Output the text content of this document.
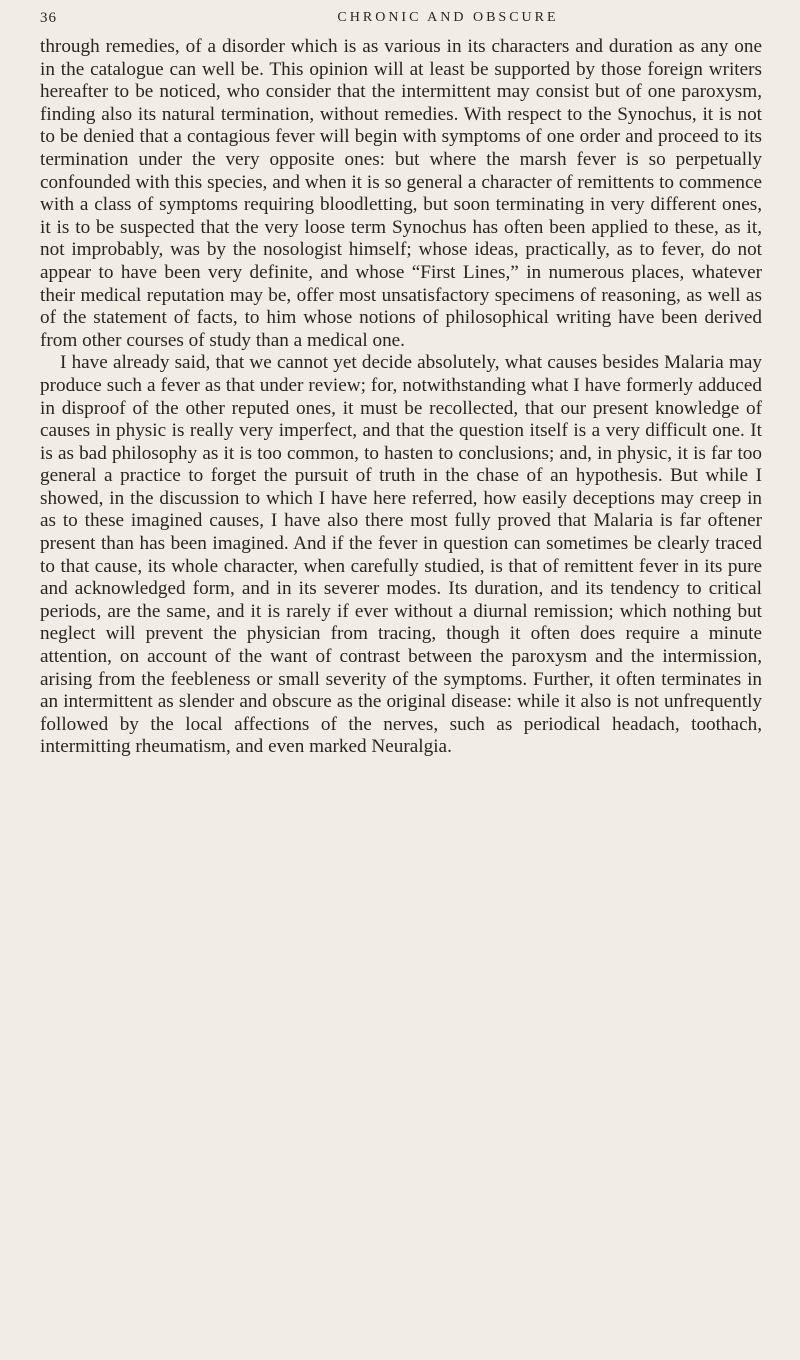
36	CHRONIC AND OBSCURE

through remedies, of a disorder which is as various in its characters and duration as any one in the catalogue can well be. This opinion will at least be supported by those foreign writers hereafter to be noticed, who consider that the intermittent may consist but of one paroxysm, finding also its natural termination, without remedies. With respect to the Synochus, it is not to be denied that a contagious fever will begin with symptoms of one order and proceed to its termination under the very opposite ones: but where the marsh fever is so perpetually confounded with this species, and when it is so general a character of remittents to commence with a class of symptoms requiring bloodletting, but soon terminating in very different ones, it is to be suspected that the very loose term Synochus has often been applied to these, as it, not improbably, was by the nosologist himself; whose ideas, practically, as to fever, do not appear to have been very definite, and whose “First Lines,” in numerous places, whatever their medical reputation may be, offer most unsatisfactory specimens of reasoning, as well as of the statement of facts, to him whose notions of philosophical writing have been derived from other courses of study than a medical one.

I have already said, that we cannot yet decide absolutely, what causes besides Malaria may produce such a fever as that under review; for, notwithstanding what I have formerly adduced in disproof of the other reputed ones, it must be recollected, that our present knowledge of causes in physic is really very imperfect, and that the question itself is a very difficult one. It is as bad philosophy as it is too common, to hasten to conclusions; and, in physic, it is far too general a practice to forget the pursuit of truth in the chase of an hypothesis. But while I showed, in the discussion to which I have here referred, how easily deceptions may creep in as to these imagined causes, I have also there most fully proved that Malaria is far oftener present than has been imagined. And if the fever in question can sometimes be clearly traced to that cause, its whole character, when carefully studied, is that of remittent fever in its pure and acknowledged form, and in its severer modes. Its duration, and its tendency to critical periods, are the same, and it is rarely if ever without a diurnal remission; which nothing but neglect will prevent the physician from tracing, though it often does require a minute attention, on account of the want of contrast between the paroxysm and the intermission, arising from the feebleness or small severity of the symptoms. Further, it often terminates in an intermittent as slender and obscure as the original disease: while it also is not unfrequently followed by the local affections of the nerves, such as periodical headach, toothach, intermitting rheumatism, and even marked Neuralgia.
